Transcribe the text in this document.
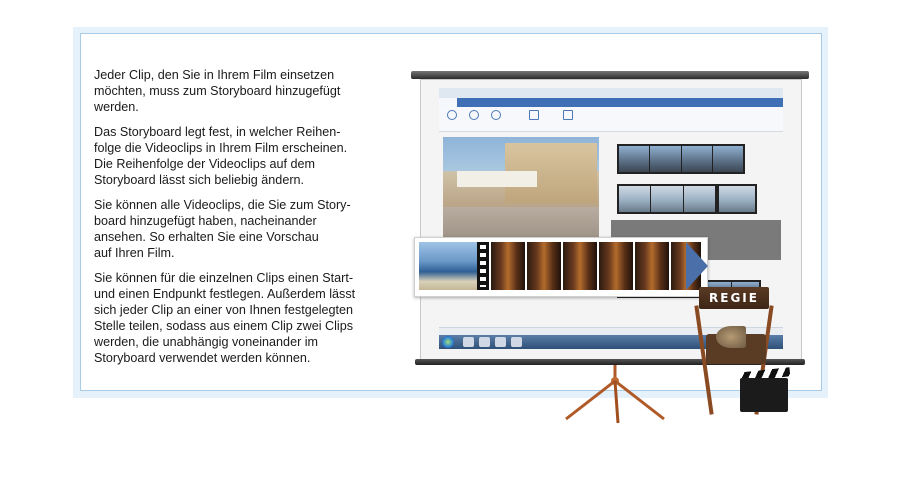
Jeder Clip, den Sie in Ihrem Film einsetzen
möchten, muss zum Storyboard hinzugefügt
werden.

Das Storyboard legt fest, in welcher Reihen-
folge die Videoclips in Ihrem Film erscheinen.
Die Reihenfolge der Videoclips auf dem
Storyboard lässt sich beliebig ändern.

Sie können alle Videoclips, die Sie zum Story-
board hinzugefügt haben, nacheinander
ansehen. So erhalten Sie eine Vorschau
auf Ihren Film.

Sie können für die einzelnen Clips einen Start-
und einen Endpunkt festlegen. Außerdem lässt
sich jeder Clip an einer von Ihnen festgelegten
Stelle teilen, sodass aus einem Clip zwei Clips
werden, die unabhängig voneinander im
Storyboard verwendet werden können.

REGIE
